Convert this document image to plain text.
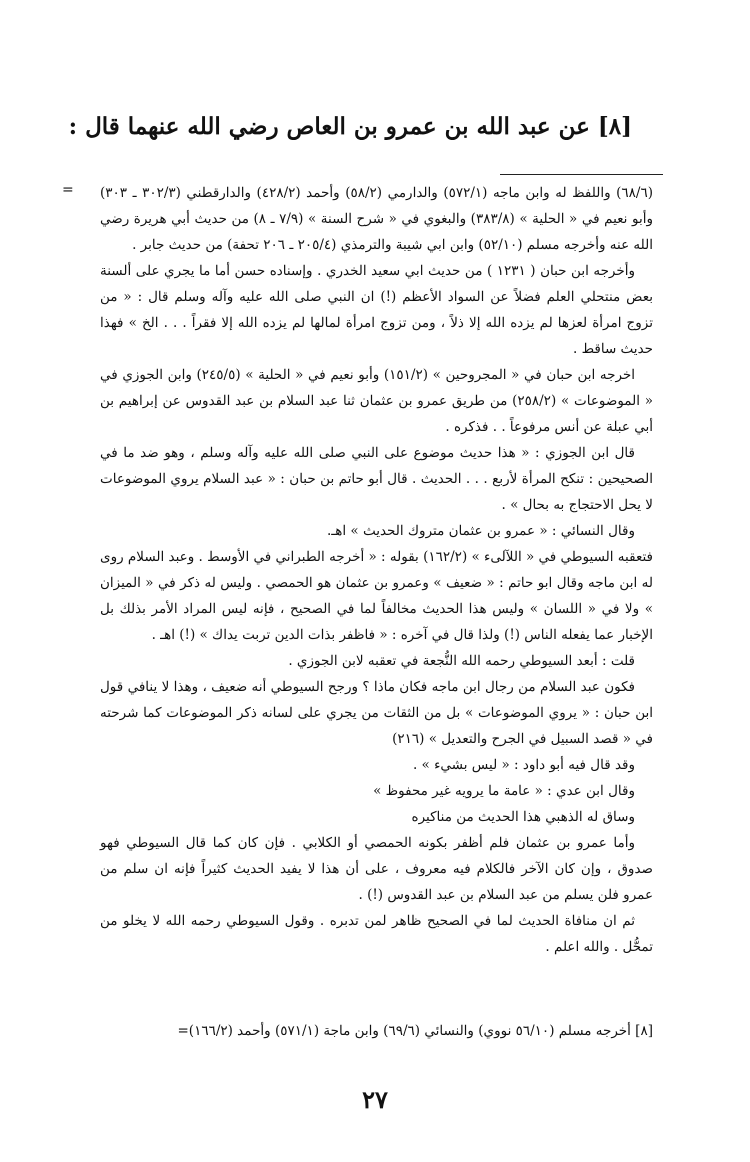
[٨] عن عبد الله بن عمرو بن العاص رضي الله عنهما قال :
= (٦٨/٦) واللفظ له وابن ماجه (٥٧٢/١) والدارمي (٥٨/٢) وأحمد (٤٢٨/٢) والدارقطني (٣٠٢/٣ ـ ٣٠٣) وأبو نعيم في « الحلية » (٣٨٣/٨) والبغوي في « شرح السنة » (٧/٩ ـ ٨) من حديث أبي هريرة رضي الله عنه وأخرجه مسلم (٥٢/١٠) وابن ابي شيبة والترمذي (٢٠٥/٤ ـ ٢٠٦ تحفة) من حديث جابر .

وأخرجه ابن حبان ( ١٢٣١ ) من حديث ابي سعيد الخدري . وإسناده حسن أما ما يجري على ألسنة بعض منتحلي العلم فضلاً عن السواد الأعظم (!) ان النبي صلى الله عليه وآله وسلم قال : « من تزوج امرأة لعزها لم يزده الله إلا ذلاً ، ومن تزوج امرأة لمالها لم يزده الله إلا فقراً . . . الخ » فهذا حديث ساقط .

اخرجه ابن حبان في « المجروحين » (١٥١/٢) وأبو نعيم في « الحلية » (٢٤٥/٥) وابن الجوزي في « الموضوعات » (٢٥٨/٢) من طريق عمرو بن عثمان ثنا عبد السلام بن عبد القدوس عن إبراهيم بن أبي عبلة عن أنس مرفوعاً . . فذكره .

قال ابن الجوزي : « هذا حديث موضوع على النبي صلى الله عليه وآله وسلم ، وهو ضد ما في الصحيحين : تنكح المرأة لأربع . . . الحديث . قال أبو حاتم بن حبان : « عبد السلام يروي الموضوعات لا يحل الاحتجاج به بحال » .

وقال النسائي : « عمرو بن عثمان متروك الحديث » اهـ.

فتعقبه السيوطي في « اللآلىء » (١٦٢/٢) بقوله : « أخرجه الطبراني في الأوسط . وعبد السلام روى له ابن ماجه وقال ابو حاتم : « ضعيف » وعمرو بن عثمان هو الحمصي . وليس له ذكر في « الميزان » ولا في « اللسان » وليس هذا الحديث مخالفاً لما في الصحيح ، فإنه ليس المراد الأمر بذلك بل الإخبار عما يفعله الناس (!) ولذا قال في آخره : « فاظفر بذات الدين تربت يداك » (!) اهـ .

قلت : أبعد السيوطي رحمه الله النُّجعة في تعقبه لابن الجوزي .

فكون عبد السلام من رجال ابن ماجه فكان ماذا ؟ ورجح السيوطي أنه ضعيف ، وهذا لا ينافي قول ابن حبان : « يروي الموضوعات » بل من الثقات من يجري على لسانه ذكر الموضوعات كما شرحته في « قصد السبيل في الجرح والتعديل » (٢١٦)

وقد قال فيه أبو داود : « ليس بشيء » .

وقال ابن عدي : « عامة ما يرويه غير محفوظ »

وساق له الذهبي هذا الحديث من مناكيره

وأما عمرو بن عثمان فلم أظفر بكونه الحمصي أو الكلابي . فإن كان كما قال السيوطي فهو صدوق ، وإن كان الآخر فالكلام فيه معروف ، على أن هذا لا يفيد الحديث كثيراً فإنه ان سلم من عمرو فلن يسلم من عبد السلام بن عبد القدوس (!) .

ثم ان منافاة الحديث لما في الصحيح ظاهر لمن تدبره . وقول السيوطي رحمه الله لا يخلو من تمحُّل . والله اعلم .

[٨] أخرجه مسلم (٥٦/١٠ نووي) والنسائي (٦٩/٦) وابن ماجة (٥٧١/١) وأحمد (١٦٦/٢)=
٢٧
